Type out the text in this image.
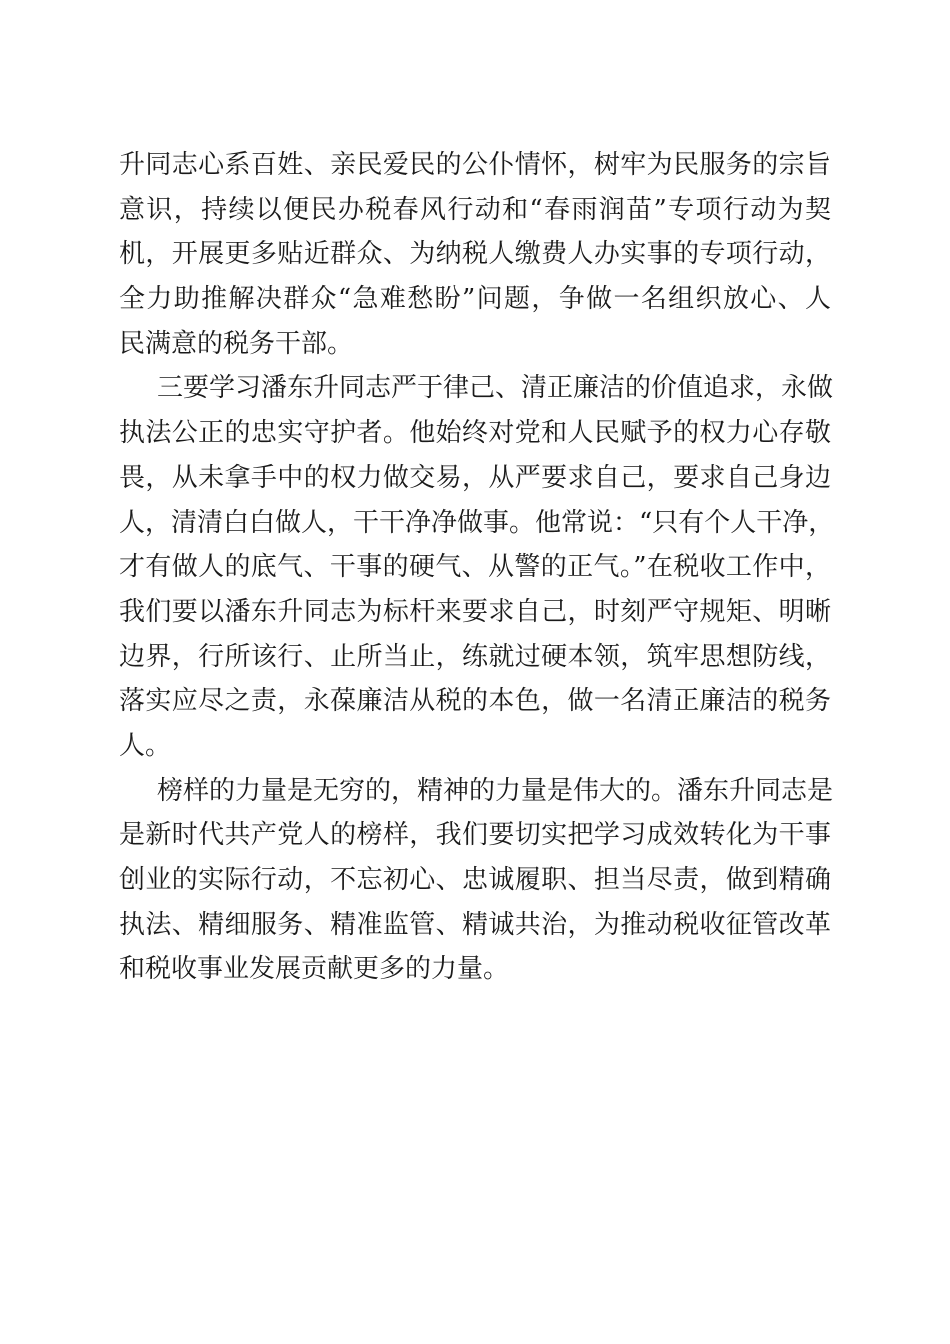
升同志心系百姓、亲民爱民的公仆情怀，树牢为民服务的宗旨
意识，持续以便民办税春风行动和“春雨润苗”专项行动为契
机，开展更多贴近群众、为纳税人缴费人办实事的专项行动，
全力助推解决群众“急难愁盼”问题，争做一名组织放心、人
民满意的税务干部。
三要学习潘东升同志严于律己、清正廉洁的价值追求，永做
执法公正的忠实守护者。他始终对党和人民赋予的权力心存敬
畏，从未拿手中的权力做交易，从严要求自己，要求自己身边
人，清清白白做人，干干净净做事。他常说：“只有个人干净，
才有做人的底气、干事的硬气、从警的正气。”在税收工作中，
我们要以潘东升同志为标杆来要求自己，时刻严守规矩、明晰
边界，行所该行、止所当止，练就过硬本领，筑牢思想防线，
落实应尽之责，永葆廉洁从税的本色，做一名清正廉洁的税务
人。
榜样的力量是无穷的，精神的力量是伟大的。潘东升同志是
是新时代共产党人的榜样，我们要切实把学习成效转化为干事
创业的实际行动，不忘初心、忠诚履职、担当尽责，做到精确
执法、精细服务、精准监管、精诚共治，为推动税收征管改革
和税收事业发展贡献更多的力量。
